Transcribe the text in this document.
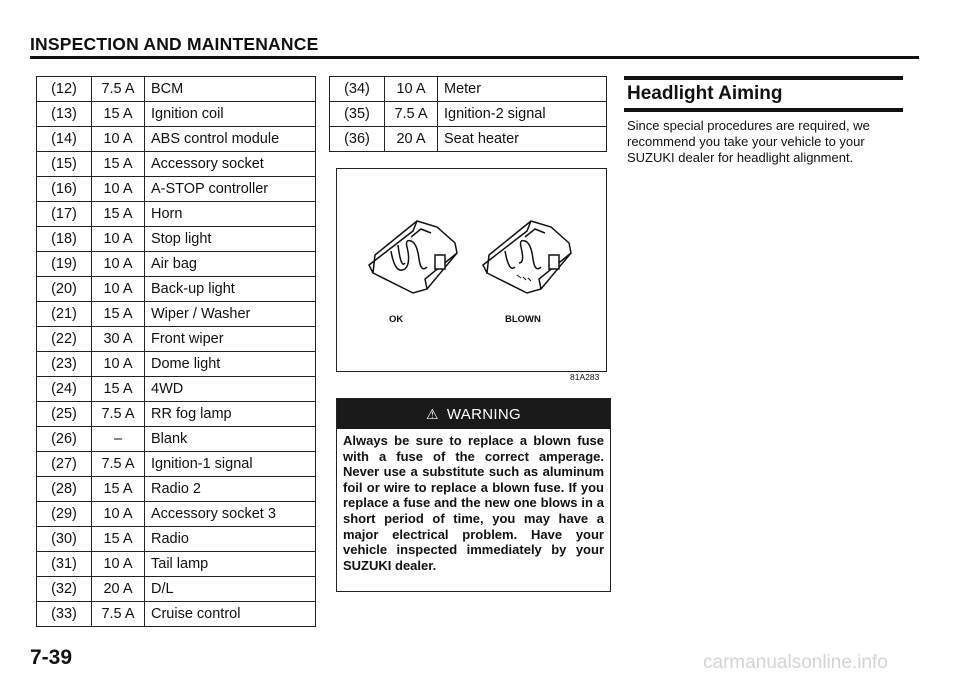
INSPECTION AND MAINTENANCE
(12)	7.5 A	BCM
(13)	15 A	Ignition coil
(14)	10 A	ABS control module
(15)	15 A	Accessory socket
(16)	10 A	A-STOP controller
(17)	15 A	Horn
(18)	10 A	Stop light
(19)	10 A	Air bag
(20)	10 A	Back-up light
(21)	15 A	Wiper / Washer
(22)	30 A	Front wiper
(23)	10 A	Dome light
(24)	15 A	4WD
(25)	7.5 A	RR fog lamp
(26)	–	Blank
(27)	7.5 A	Ignition-1 signal
(28)	15 A	Radio 2
(29)	10 A	Accessory socket 3
(30)	15 A	Radio
(31)	10 A	Tail lamp
(32)	20 A	D/L
(33)	7.5 A	Cruise control
(34)	10 A	Meter
(35)	7.5 A	Ignition-2 signal
(36)	20 A	Seat heater
OK	BLOWN
81A283
⚠ WARNING
Always be sure to replace a blown fuse with a fuse of the correct amperage. Never use a substitute such as aluminum foil or wire to replace a blown fuse. If you replace a fuse and the new one blows in a short period of time, you may have a major electrical problem. Have your vehicle inspected immediately by your SUZUKI dealer.
Headlight Aiming
Since special procedures are required, we recommend you take your vehicle to your SUZUKI dealer for headlight alignment.
7-39	carmanualsonline.info
